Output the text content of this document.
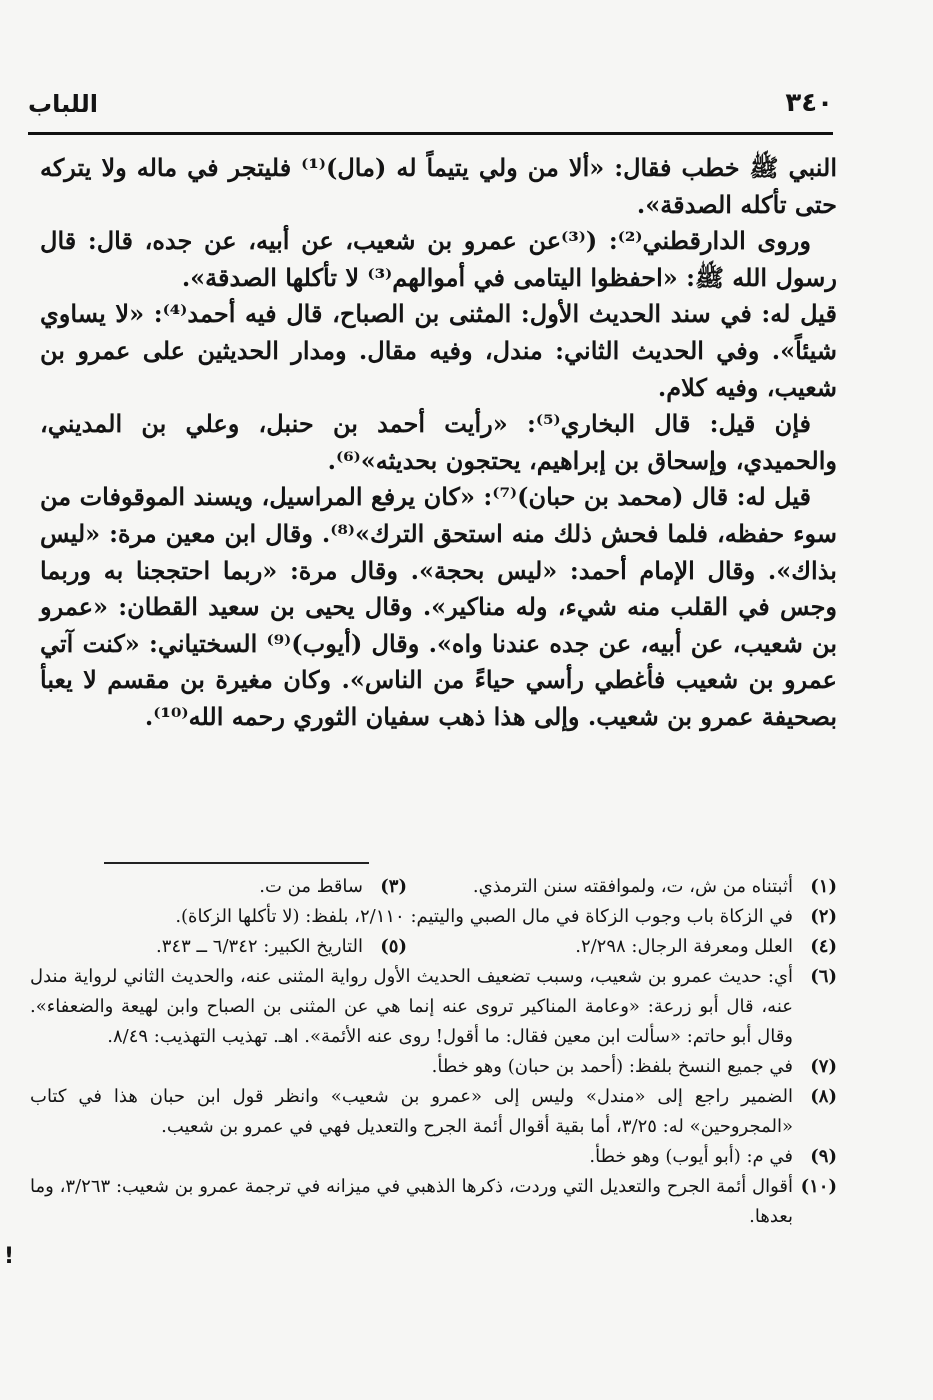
٣٤٠
اللباب

النبي ﷺ خطب فقال: «ألا من ولي يتيماً له (مال)⁽¹⁾ فليتجر في ماله ولا يتركه حتى تأكله الصدقة».

وروى الدارقطني⁽²⁾: (⁽³⁾عن عمرو بن شعيب، عن أبيه، عن جده، قال: قال رسول الله ﷺ: «احفظوا اليتامى في أموالهم⁽³⁾ لا تأكلها الصدقة».

قيل له: في سند الحديث الأول: المثنى بن الصباح، قال فيه أحمد⁽⁴⁾: «لا يساوي شيئاً». وفي الحديث الثاني: مندل، وفيه مقال. ومدار الحديثين على عمرو بن شعيب، وفيه كلام.

فإن قيل: قال البخاري⁽⁵⁾: «رأيت أحمد بن حنبل، وعلي بن المديني، والحميدي، وإسحاق بن إبراهيم، يحتجون بحديثه»⁽⁶⁾.

قيل له: قال (محمد بن حبان)⁽⁷⁾: «كان يرفع المراسيل، ويسند الموقوفات من سوء حفظه، فلما فحش ذلك منه استحق الترك»⁽⁸⁾. وقال ابن معين مرة: «ليس بذاك». وقال الإمام أحمد: «ليس بحجة». وقال مرة: «ربما احتججنا به وربما وجس في القلب منه شيء، وله مناكير». وقال يحيى بن سعيد القطان: «عمرو بن شعيب، عن أبيه، عن جده عندنا واه». وقال (أيوب)⁽⁹⁾ السختياني: «كنت آتي عمرو بن شعيب فأغطي رأسي حياءً من الناس». وكان مغيرة بن مقسم لا يعبأ بصحيفة عمرو بن شعيب. وإلى هذا ذهب سفيان الثوري رحمه الله⁽¹⁰⁾.

(١)
أثبتناه من ش، ت، ولموافقته سنن الترمذي.
(٣)
ساقط من ت.
(٢)
في الزكاة باب وجوب الزكاة في مال الصبي واليتيم: ٢/١١٠، بلفظ: (لا تأكلها الزكاة).
(٤)
العلل ومعرفة الرجال: ٢/٢٩٨.
(٥)
التاريخ الكبير: ٦/٣٤٢ ــ ٣٤٣.
(٦)
أي: حديث عمرو بن شعيب، وسبب تضعيف الحديث الأول رواية المثنى عنه، والحديث الثاني لرواية مندل عنه، قال أبو زرعة: «وعامة المناكير تروى عنه إنما هي عن المثنى بن الصباح وابن لهيعة والضعفاء». وقال أبو حاتم: «سألت ابن معين فقال: ما أقول! روى عنه الأئمة». اهـ. تهذيب التهذيب: ٨/٤٩.
(٧)
في جميع النسخ بلفظ: (أحمد بن حبان) وهو خطأ.
(٨)
الضمير راجع إلى «مندل» وليس إلى «عمرو بن شعيب» وانظر قول ابن حبان هذا في كتاب «المجروحين» له: ٣/٢٥، أما بقية أقوال أئمة الجرح والتعديل فهي في عمرو بن شعيب.
(٩)
في م: (أبو أيوب) وهو خطأ.
(١٠)
أقوال أئمة الجرح والتعديل التي وردت، ذكرها الذهبي في ميزانه في ترجمة عمرو بن شعيب: ٣/٢٦٣، وما بعدها.
!
